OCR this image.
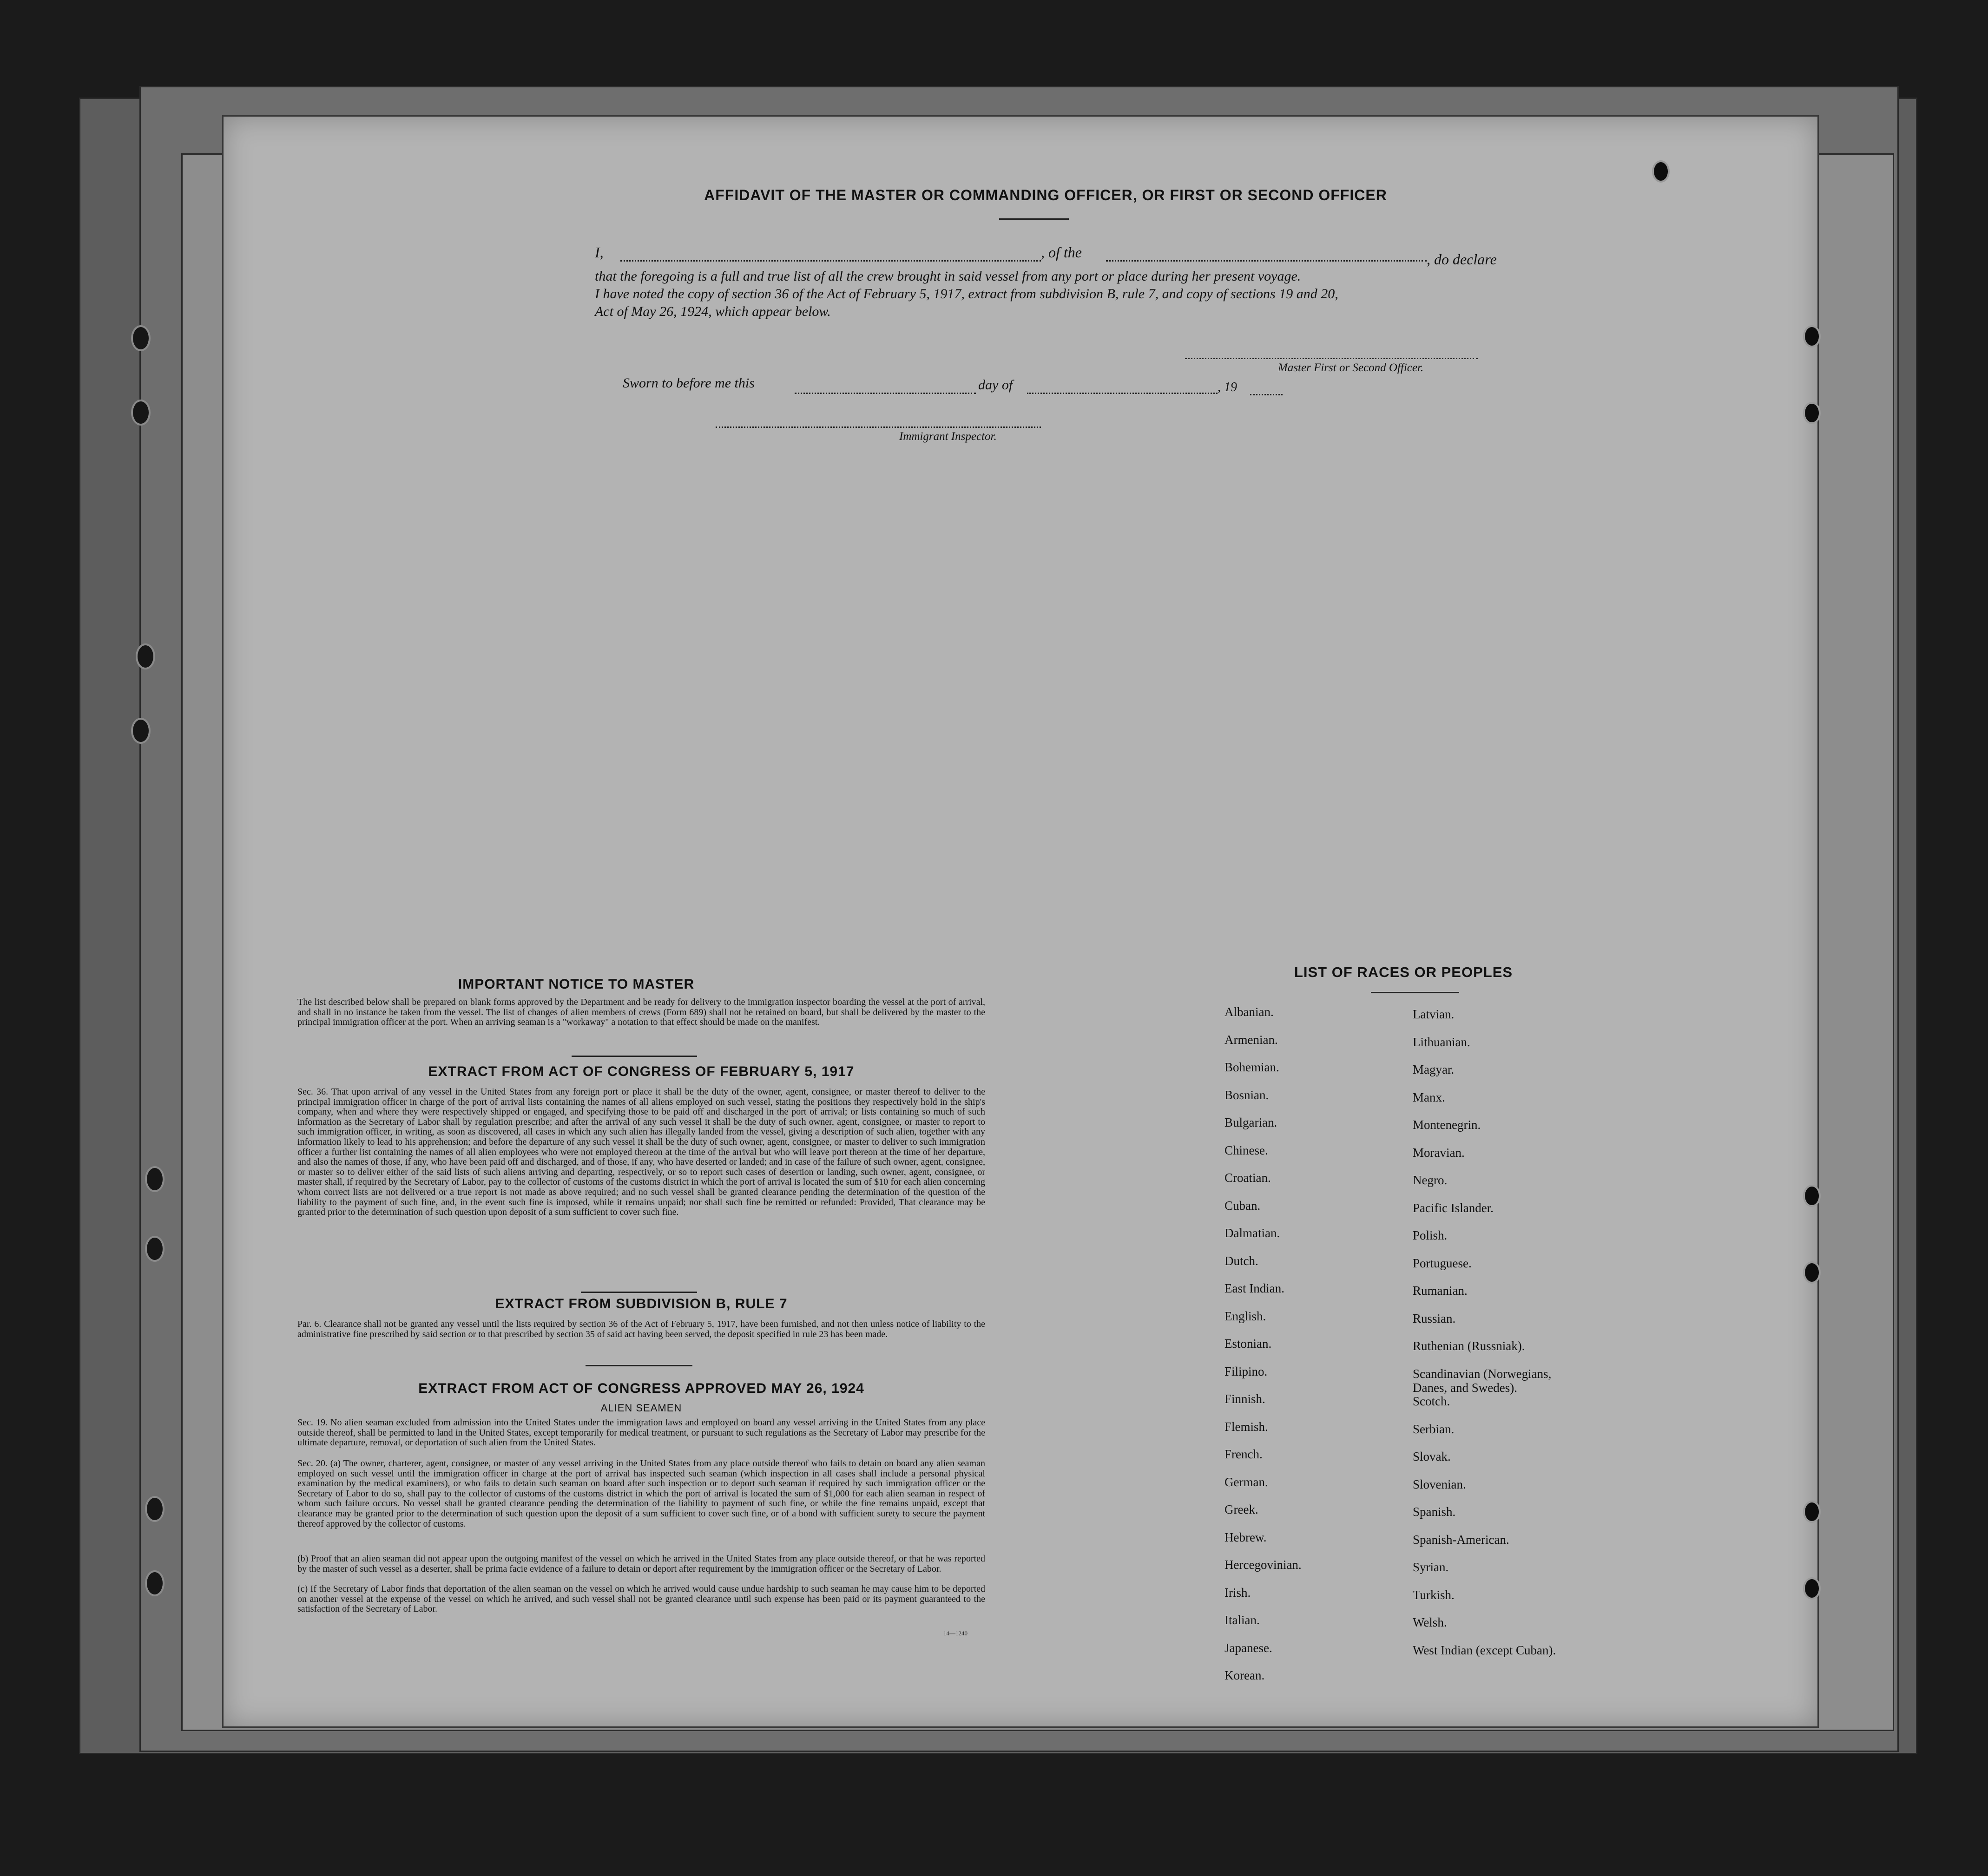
AFFIDAVIT OF THE MASTER OR COMMANDING OFFICER, OR FIRST OR SECOND OFFICER
I,	, of the	, do declare
that the foregoing is a full and true list of all the crew brought in said vessel from any port or place during her present voyage.
I have noted the copy of section 36 of the Act of February 5, 1917, extract from subdivision B, rule 7, and copy of sections 19 and 20,
Act of May 26, 1924, which appear below.
Master First or Second Officer.
Sworn to before me this	day of	, 19
Immigrant Inspector.
IMPORTANT NOTICE TO MASTER
The list described below shall be prepared on blank forms approved by the Department and be ready for delivery to the immigration inspector boarding the vessel at the port of arrival, and shall in no instance be taken from the vessel. The list of changes of alien members of crews (Form 689) shall not be retained on board, but shall be delivered by the master to the principal immigration officer at the port. When an arriving seaman is a "workaway" a notation to that effect should be made on the manifest.
EXTRACT FROM ACT OF CONGRESS OF FEBRUARY 5, 1917
Sec. 36. That upon arrival of any vessel in the United States from any foreign port or place it shall be the duty of the owner, agent, consignee, or master thereof to deliver to the principal immigration officer in charge of the port of arrival lists containing the names of all aliens employed on such vessel, stating the positions they respectively hold in the ship's company, when and where they were respectively shipped or engaged, and specifying those to be paid off and discharged in the port of arrival; or lists containing so much of such information as the Secretary of Labor shall by regulation prescribe; and after the arrival of any such vessel it shall be the duty of such owner, agent, consignee, or master to report to such immigration officer, in writing, as soon as discovered, all cases in which any such alien has illegally landed from the vessel, giving a description of such alien, together with any information likely to lead to his apprehension; and before the departure of any such vessel it shall be the duty of such owner, agent, consignee, or master to deliver to such immigration officer a further list containing the names of all alien employees who were not employed thereon at the time of the arrival but who will leave port thereon at the time of her departure, and also the names of those, if any, who have been paid off and discharged, and of those, if any, who have deserted or landed; and in case of the failure of such owner, agent, consignee, or master so to deliver either of the said lists of such aliens arriving and departing, respectively, or so to report such cases of desertion or landing, such owner, agent, consignee, or master shall, if required by the Secretary of Labor, pay to the collector of customs of the customs district in which the port of arrival is located the sum of $10 for each alien concerning whom correct lists are not delivered or a true report is not made as above required; and no such vessel shall be granted clearance pending the determination of the question of the liability to the payment of such fine, and, in the event such fine is imposed, while it remains unpaid; nor shall such fine be remitted or refunded: Provided, That clearance may be granted prior to the determination of such question upon deposit of a sum sufficient to cover such fine.
EXTRACT FROM SUBDIVISION B, RULE 7
Par. 6. Clearance shall not be granted any vessel until the lists required by section 36 of the Act of February 5, 1917, have been furnished, and not then unless notice of liability to the administrative fine prescribed by said section or to that prescribed by section 35 of said act having been served, the deposit specified in rule 23 has been made.
EXTRACT FROM ACT OF CONGRESS APPROVED MAY 26, 1924
ALIEN SEAMEN
Sec. 19. No alien seaman excluded from admission into the United States under the immigration laws and employed on board any vessel arriving in the United States from any place outside thereof, shall be permitted to land in the United States, except temporarily for medical treatment, or pursuant to such regulations as the Secretary of Labor may prescribe for the ultimate departure, removal, or deportation of such alien from the United States.
Sec. 20. (a) The owner, charterer, agent, consignee, or master of any vessel arriving in the United States from any place outside thereof who fails to detain on board any alien seaman employed on such vessel until the immigration officer in charge at the port of arrival has inspected such seaman (which inspection in all cases shall include a personal physical examination by the medical examiners), or who fails to detain such seaman on board after such inspection or to deport such seaman if required by such immigration officer or the Secretary of Labor to do so, shall pay to the collector of customs of the customs district in which the port of arrival is located the sum of $1,000 for each alien seaman in respect of whom such failure occurs. No vessel shall be granted clearance pending the determination of the liability to payment of such fine, or while the fine remains unpaid, except that clearance may be granted prior to the determination of such question upon the deposit of a sum sufficient to cover such fine, or of a bond with sufficient surety to secure the payment thereof approved by the collector of customs.
(b) Proof that an alien seaman did not appear upon the outgoing manifest of the vessel on which he arrived in the United States from any place outside thereof, or that he was reported by the master of such vessel as a deserter, shall be prima facie evidence of a failure to detain or deport after requirement by the immigration officer or the Secretary of Labor.
(c) If the Secretary of Labor finds that deportation of the alien seaman on the vessel on which he arrived would cause undue hardship to such seaman he may cause him to be deported on another vessel at the expense of the vessel on which he arrived, and such vessel shall not be granted clearance until such expense has been paid or its payment guaranteed to the satisfaction of the Secretary of Labor.
14—1240
LIST OF RACES OR PEOPLES
Albanian.
Armenian.
Bohemian.
Bosnian.
Bulgarian.
Chinese.
Croatian.
Cuban.
Dalmatian.
Dutch.
East Indian.
English.
Estonian.
Filipino.
Finnish.
Flemish.
French.
German.
Greek.
Hebrew.
Hercegovinian.
Irish.
Italian.
Japanese.
Korean.
Latvian.
Lithuanian.
Magyar.
Manx.
Montenegrin.
Moravian.
Negro.
Pacific Islander.
Polish.
Portuguese.
Rumanian.
Russian.
Ruthenian (Russniak).
Scandinavian (Norwegians,
Danes, and Swedes).
Scotch.
Serbian.
Slovak.
Slovenian.
Spanish.
Spanish-American.
Syrian.
Turkish.
Welsh.
West Indian (except Cuban).
